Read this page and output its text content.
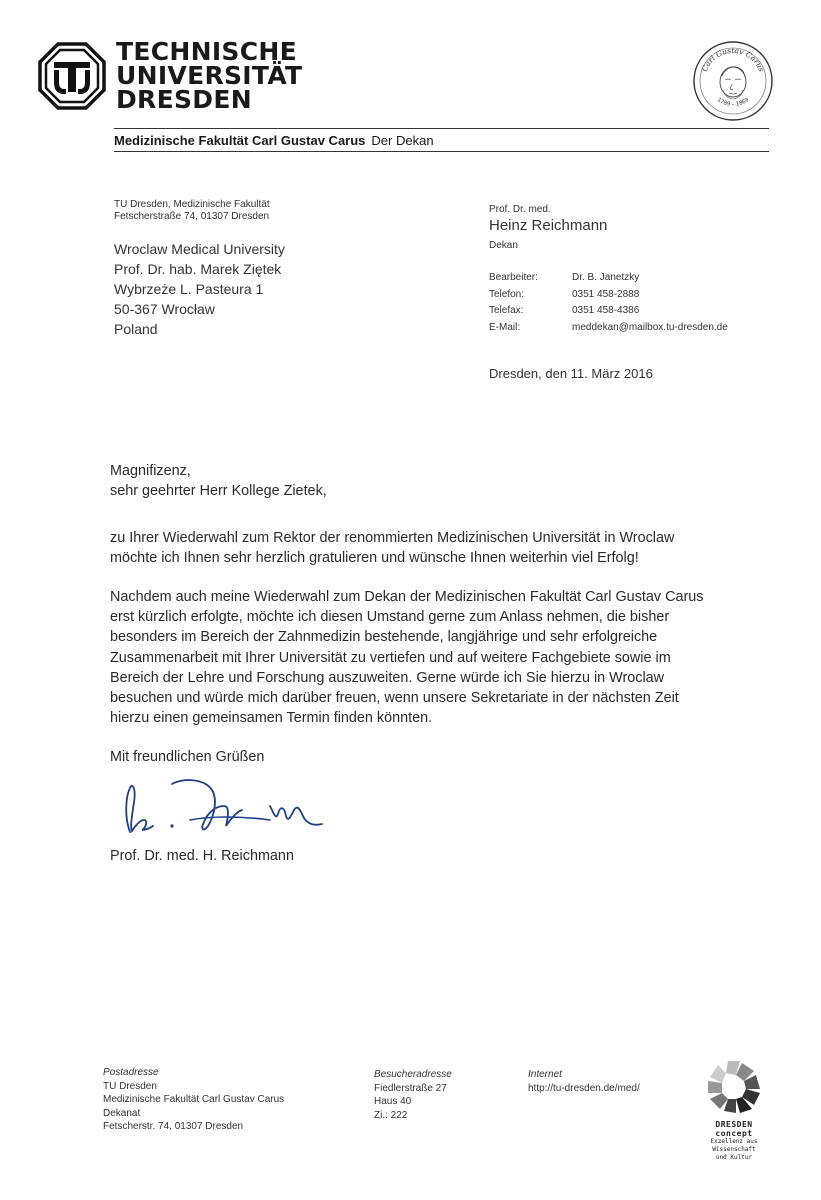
TECHNISCHE
UNIVERSITÄT
DRESDEN
Carl Gustav Carus
1789 – 1869
Medizinische Fakultät Carl Gustav Carus Der Dekan
TU Dresden, Medizinische Fakultät
Fetscherstraße 74, 01307 Dresden
Wroclaw Medical University
Prof. Dr. hab. Marek Ziętek
Wybrzeże L. Pasteura 1
50-367 Wrocław
Poland
Prof. Dr. med.
Heinz Reichmann
Dekan
Bearbeiter:	Dr. B. Janetzky
Telefon:	0351 458-2888
Telefax:	0351 458-4386
E-Mail:	meddekan@mailbox.tu-dresden.de
Dresden, den 11. März 2016
Magnifizenz,
sehr geehrter Herr Kollege Zietek,
zu Ihrer Wiederwahl zum Rektor der renommierten Medizinischen Universität in Wroclaw
möchte ich Ihnen sehr herzlich gratulieren und wünsche Ihnen weiterhin viel Erfolg!
Nachdem auch meine Wiederwahl zum Dekan der Medizinischen Fakultät Carl Gustav Carus
erst kürzlich erfolgte, möchte ich diesen Umstand gerne zum Anlass nehmen, die bisher
besonders im Bereich der Zahnmedizin bestehende, langjährige und sehr erfolgreiche
Zusammenarbeit mit Ihrer Universität zu vertiefen und auf weitere Fachgebiete sowie im
Bereich der Lehre und Forschung auszuweiten. Gerne würde ich Sie hierzu in Wroclaw
besuchen und würde mich darüber freuen, wenn unsere Sekretariate in der nächsten Zeit
hierzu einen gemeinsamen Termin finden könnten.
Mit freundlichen Grüßen
Prof. Dr. med. H. Reichmann
Postadresse
TU Dresden
Medizinische Fakultät Carl Gustav Carus
Dekanat
Fetscherstr. 74, 01307 Dresden
Besucheradresse
Fiedlerstraße 27
Haus 40
Zi.: 222
Internet
http://tu-dresden.de/med/
DRESDEN
concept
Exzellenz aus
Wissenschaft
und Kultur
